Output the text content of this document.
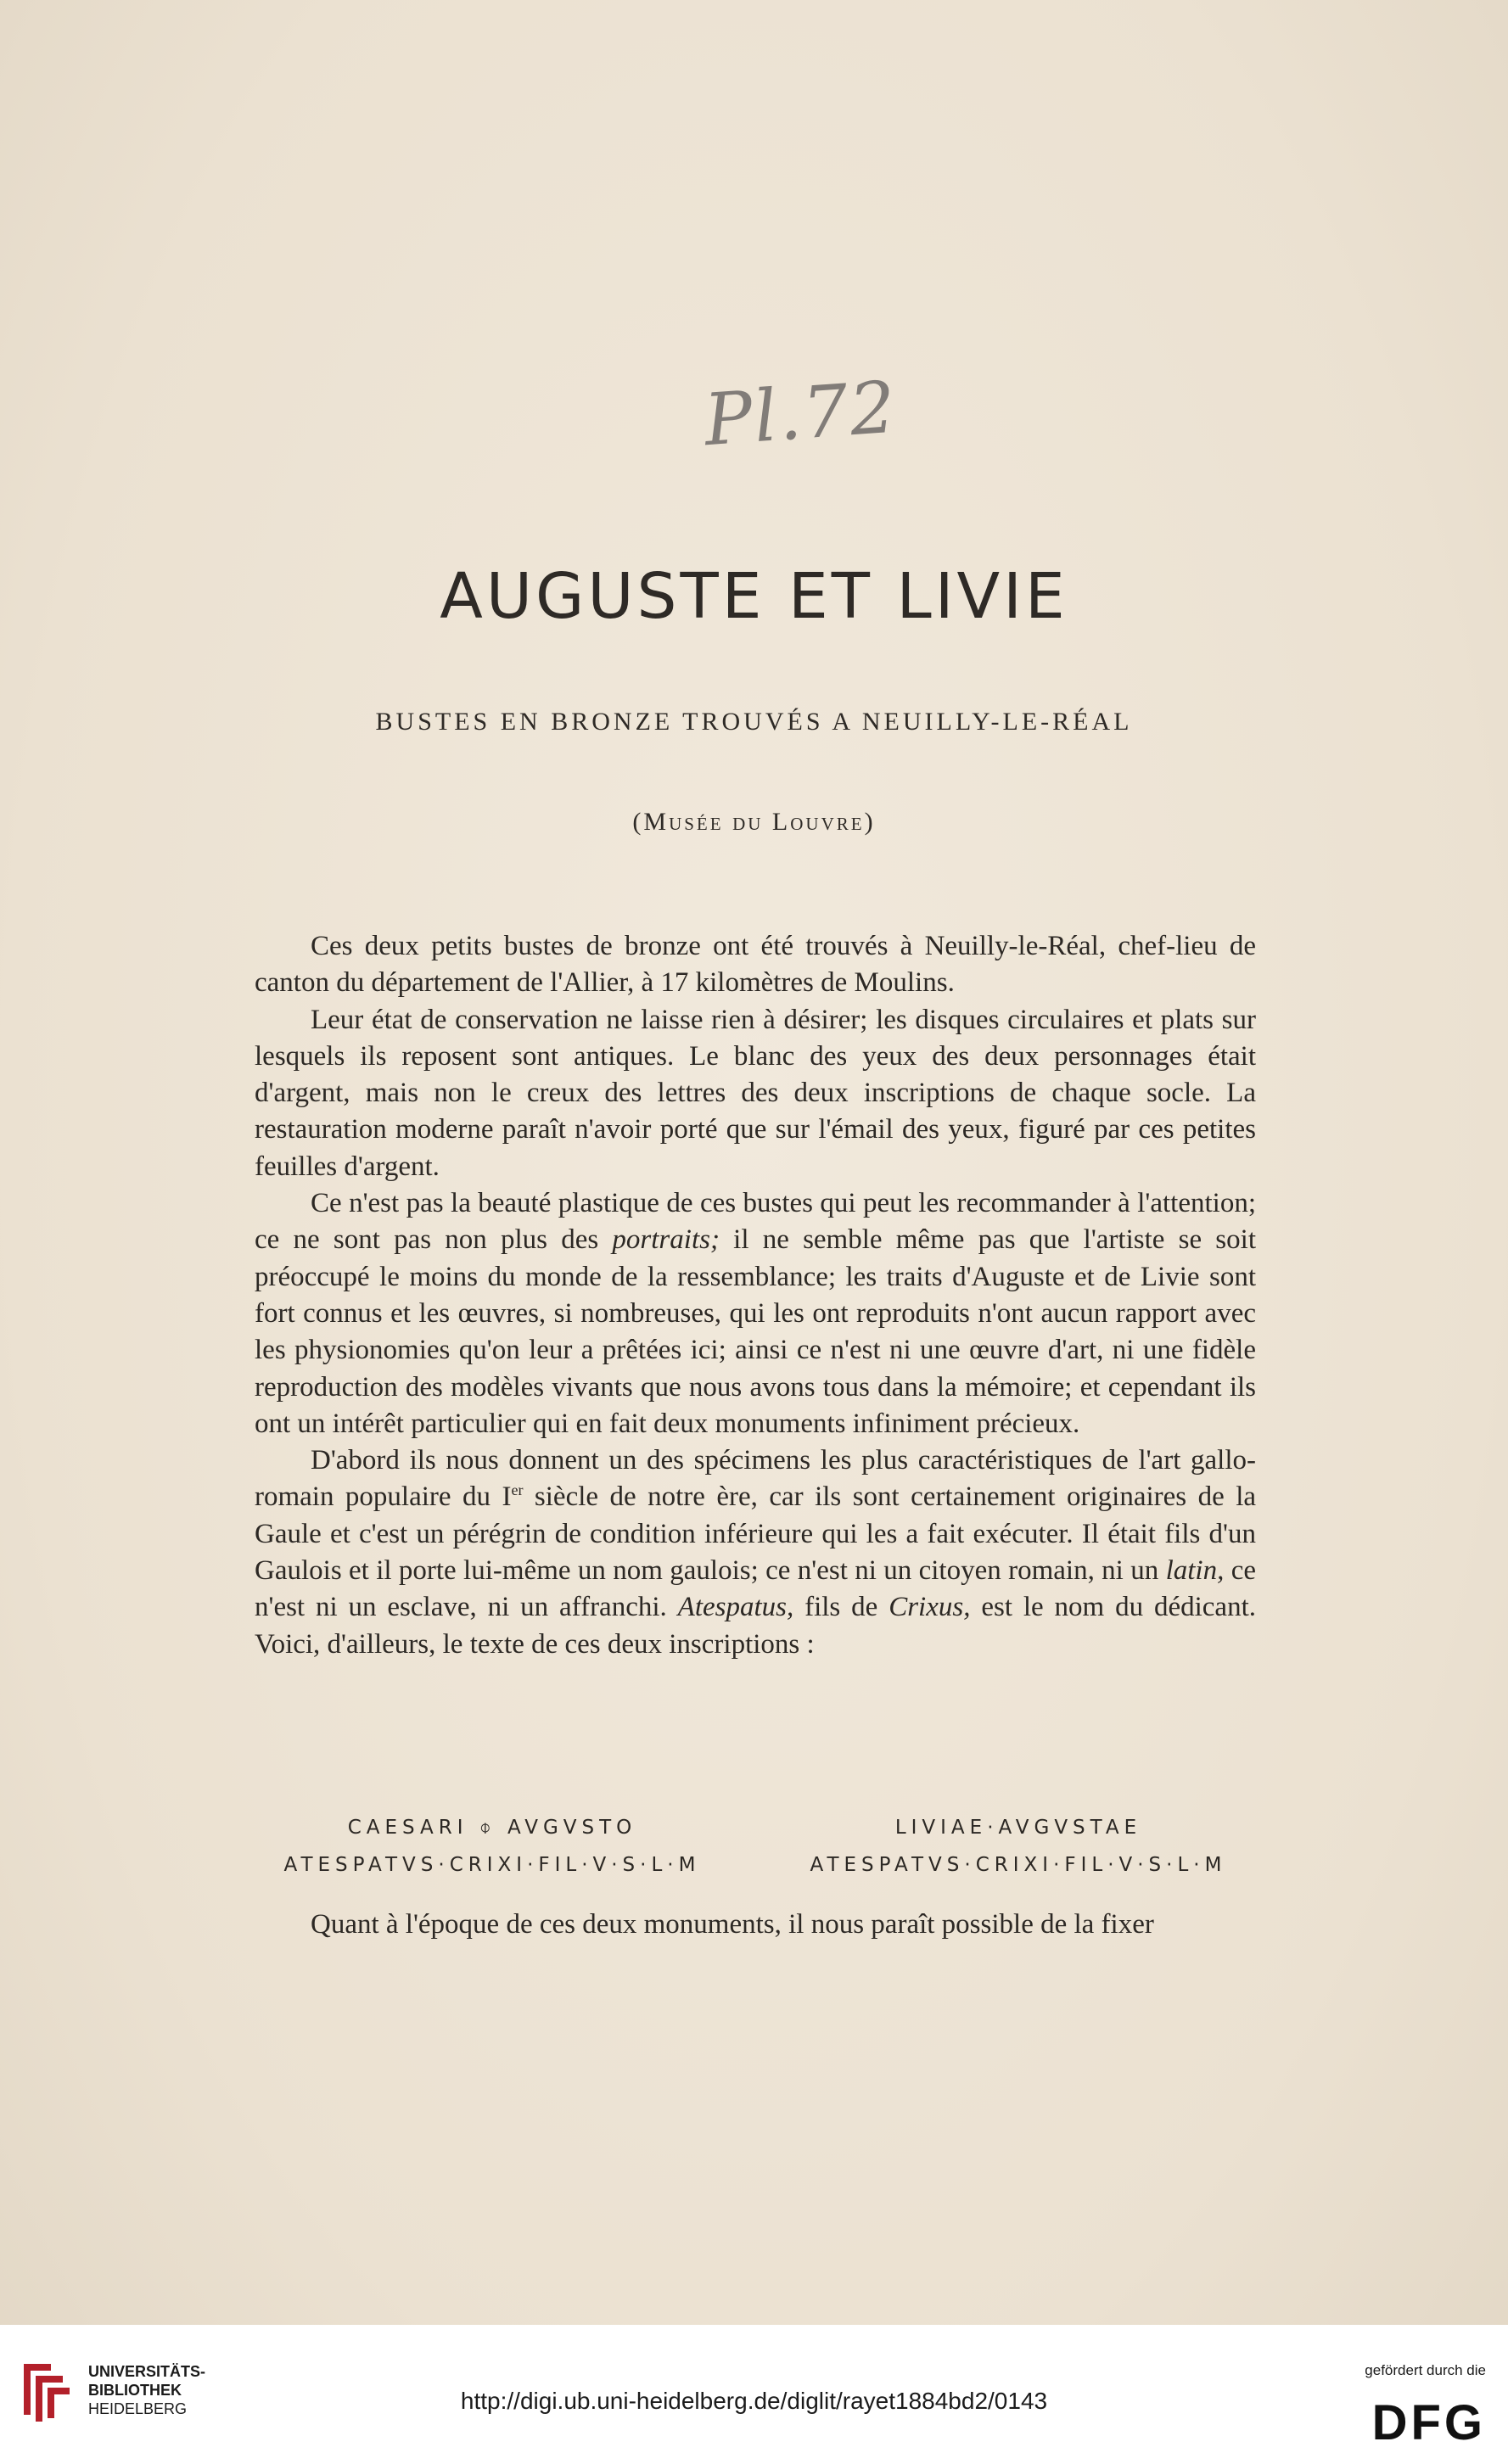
Pl.72
AUGUSTE ET LIVIE
BUSTES EN BRONZE TROUVÉS A NEUILLY-LE-RÉAL
(Musée du Louvre)

Ces deux petits bustes de bronze ont été trouvés à Neuilly-le-Réal, chef-lieu de canton du département de l'Allier, à 17 kilomètres de Moulins.

Leur état de conservation ne laisse rien à désirer; les disques circulaires et plats sur lesquels ils reposent sont antiques. Le blanc des yeux des deux personnages était d'argent, mais non le creux des lettres des deux inscriptions de chaque socle. La restauration moderne paraît n'avoir porté que sur l'émail des yeux, figuré par ces petites feuilles d'argent.

Ce n'est pas la beauté plastique de ces bustes qui peut les recommander à l'attention; ce ne sont pas non plus des portraits; il ne semble même pas que l'artiste se soit préoccupé le moins du monde de la ressemblance; les traits d'Auguste et de Livie sont fort connus et les œuvres, si nombreuses, qui les ont reproduits n'ont aucun rapport avec les physionomies qu'on leur a prêtées ici; ainsi ce n'est ni une œuvre d'art, ni une fidèle reproduction des modèles vivants que nous avons tous dans la mémoire; et cependant ils ont un intérêt particulier qui en fait deux monuments infiniment précieux.

D'abord ils nous donnent un des spécimens les plus caractéristiques de l'art gallo-romain populaire du Ier siècle de notre ère, car ils sont certainement originaires de la Gaule et c'est un pérégrin de condition inférieure qui les a fait exécuter. Il était fils d'un Gaulois et il porte lui-même un nom gaulois; ce n'est ni un citoyen romain, ni un latin, ce n'est ni un esclave, ni un affranchi. Atespatus, fils de Crixus, est le nom du dédicant. Voici, d'ailleurs, le texte de ces deux inscriptions :

CAESARI ⌽ AVGVSTO
ATESPATVS·CRIXI·FIL·V·S·L·M
LIVIAE·AVGVSTAE
ATESPATVS·CRIXI·FIL·V·S·L·M
Quant à l'époque de ces deux monuments, il nous paraît possible de la fixer
UNIVERSITÄTS-
BIBLIOTHEK
HEIDELBERG	http://digi.ub.uni-heidelberg.de/diglit/rayet1884bd2/0143
gefördert durch die
DFG
